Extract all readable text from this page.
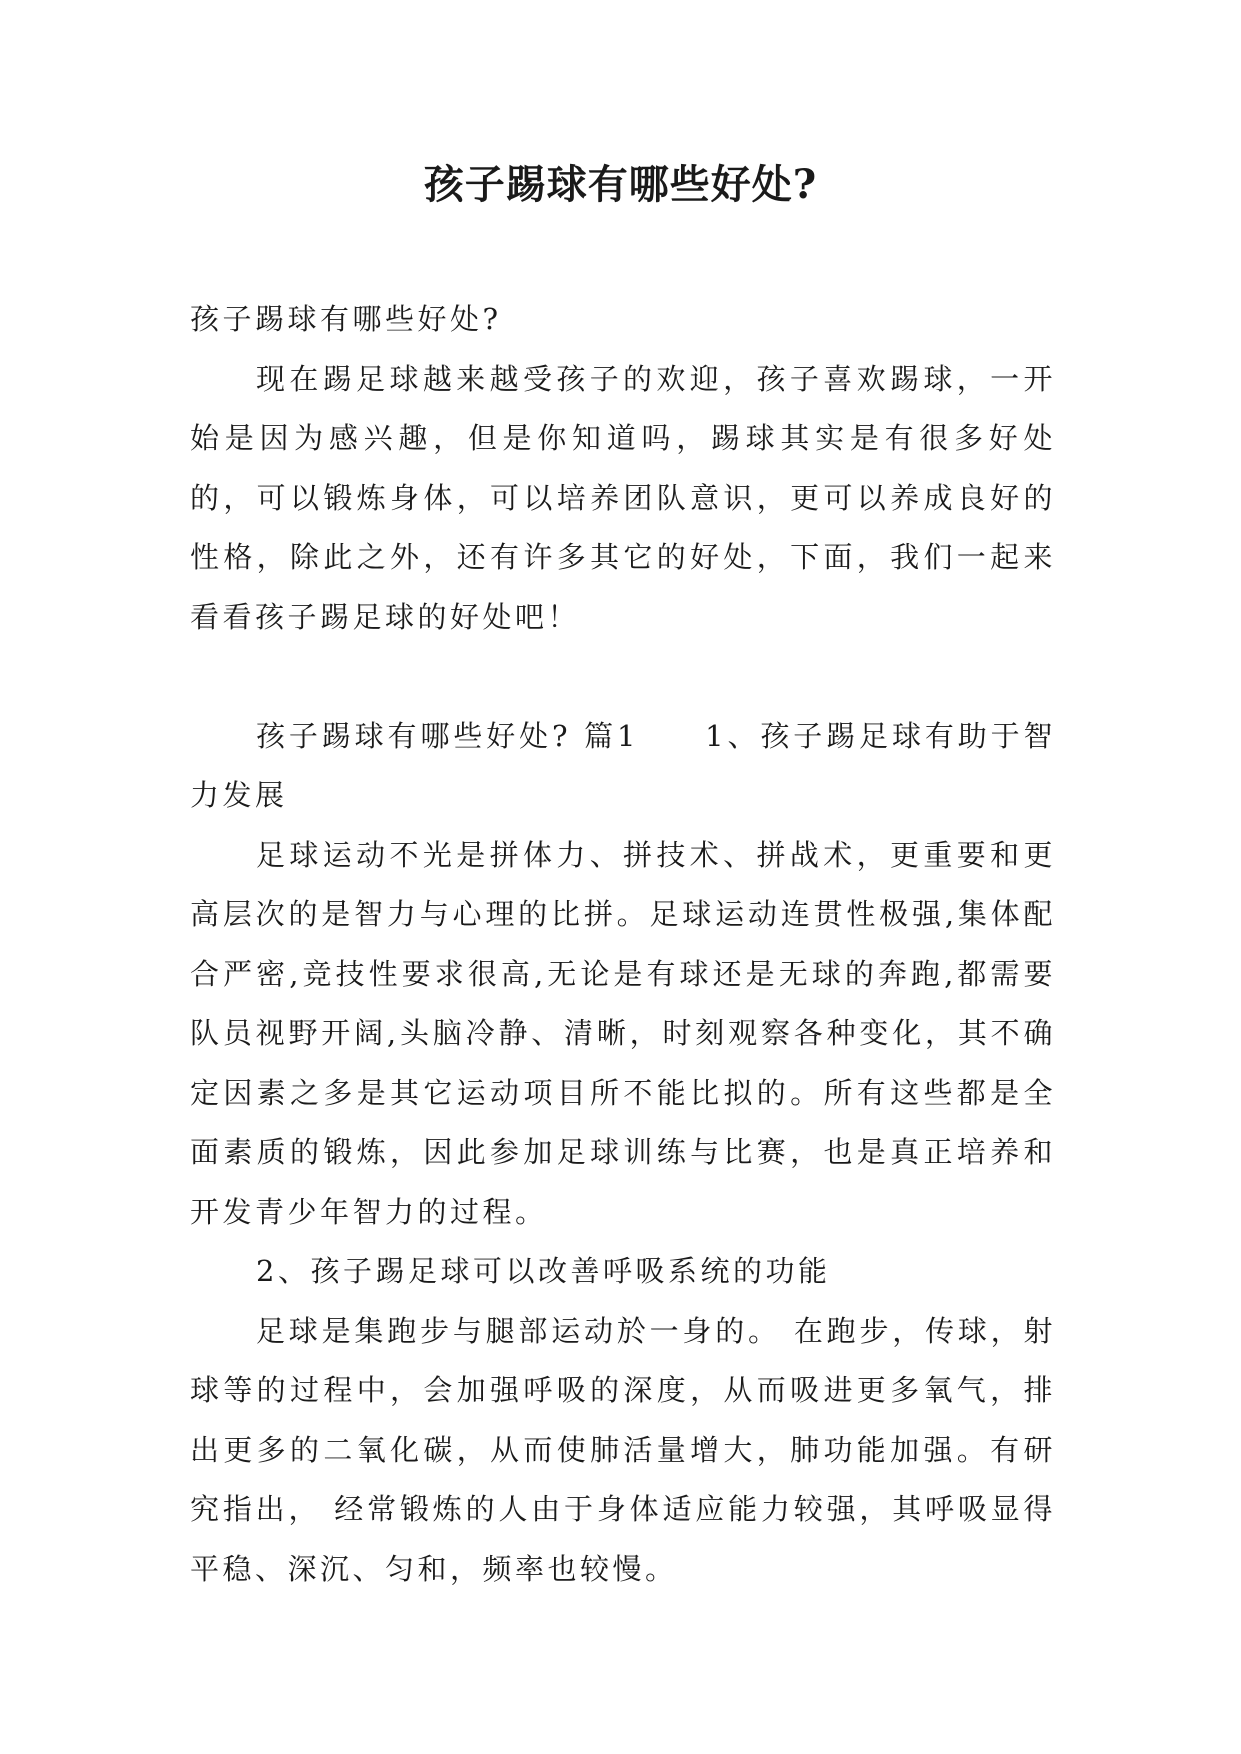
孩子踢球有哪些好处?

孩子踢球有哪些好处?

现在踢足球越来越受孩子的欢迎，孩子喜欢踢球，一开始是因为感兴趣，但是你知道吗，踢球其实是有很多好处的，可以锻炼身体，可以培养团队意识，更可以养成良好的性格，除此之外，还有许多其它的好处，下面，我们一起来看看孩子踢足球的好处吧！

孩子踢球有哪些好处? 篇1　　1、孩子踢足球有助于智力发展

足球运动不光是拼体力、拼技术、拼战术，更重要和更高层次的是智力与心理的比拼。足球运动连贯性极强,集体配合严密,竞技性要求很高,无论是有球还是无球的奔跑,都需要队员视野开阔,头脑冷静、清晰，时刻观察各种变化，其不确定因素之多是其它运动项目所不能比拟的。所有这些都是全面素质的锻炼，因此参加足球训练与比赛，也是真正培养和开发青少年智力的过程。

2、孩子踢足球可以改善呼吸系统的功能

足球是集跑步与腿部运动於一身的。 在跑步，传球，射球等的过程中，会加强呼吸的深度，从而吸进更多氧气，排出更多的二氧化碳，从而使肺活量增大，肺功能加强。有研究指出， 经常锻炼的人由于身体适应能力较强，其呼吸显得平稳、深沉、匀和，频率也较慢。
